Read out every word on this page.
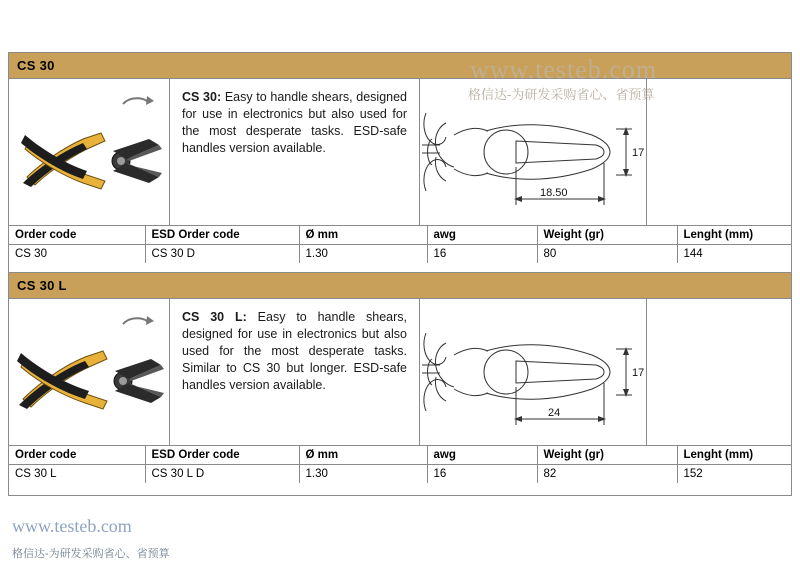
CS 30
CS 30: Easy to handle shears, designed for use in electronics but also used for the most desperate tasks. ESD-safe handles version available.	17
18.50
Order code	ESD Order code	Ø mm	awg	Weight (gr)	Lenght (mm)
CS 30	CS 30 D	1.30	16	80	144
CS 30 L
CS 30 L: Easy to handle shears, designed for use in electronics but also used for the most desperate tasks. Similar to CS 30 but longer. ESD-safe handles version available.
17
24
Order code	ESD Order code	Ø mm	awg	Weight (gr)	Lenght (mm)
CS 30 L	CS 30 L D	1.30	16	82	152
www.testeb.com
格信达-为研发采购省心、省预算
www.testeb.com
格信达-为研发采购省心、省预算
